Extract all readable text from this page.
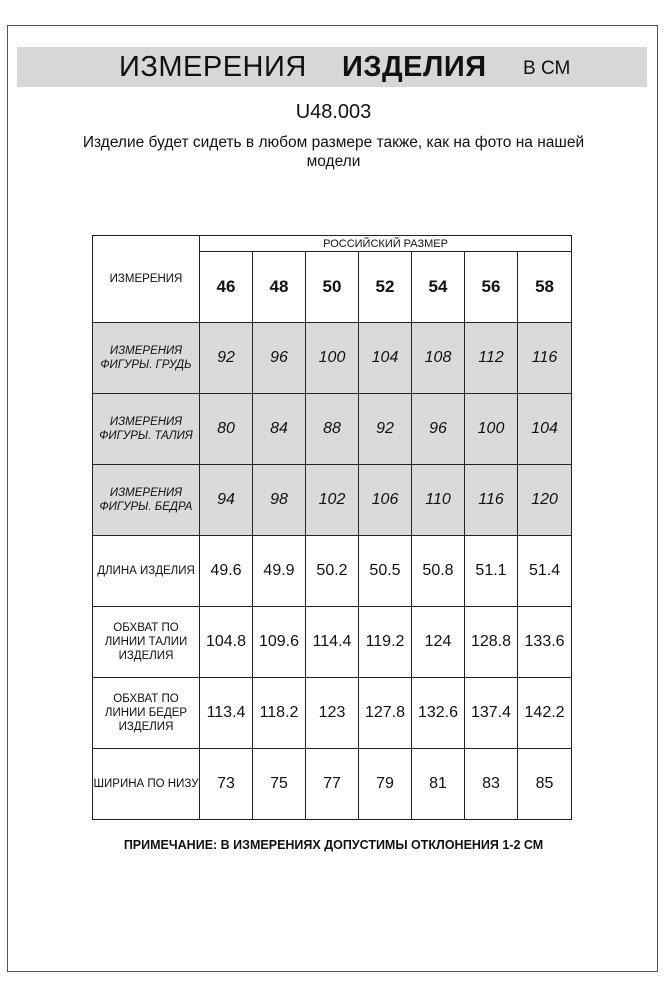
ИЗМЕРЕНИЯ ИЗДЕЛИЯ В СМ
U48.003
Изделие будет сидеть в любом размере также, как на фото на нашей модели
ИЗМЕРЕНИЯ	РОССИЙСКИЙ РАЗМЕР						
	46	48	50	52	54	56	58
ИЗМЕРЕНИЯ ФИГУРЫ. ГРУДЬ	92	96	100	104	108	112	116
ИЗМЕРЕНИЯ ФИГУРЫ. ТАЛИЯ	80	84	88	92	96	100	104
ИЗМЕРЕНИЯ ФИГУРЫ. БЕДРА	94	98	102	106	110	116	120
ДЛИНА ИЗДЕЛИЯ	49.6	49.9	50.2	50.5	50.8	51.1	51.4
ОБХВАТ ПО ЛИНИИ ТАЛИИ ИЗДЕЛИЯ	104.8	109.6	114.4	119.2	124	128.8	133.6
ОБХВАТ ПО ЛИНИИ БЕДЕР ИЗДЕЛИЯ	113.4	118.2	123	127.8	132.6	137.4	142.2
ШИРИНА ПО НИЗУ	73	75	77	79	81	83	85
ПРИМЕЧАНИЕ: В ИЗМЕРЕНИЯХ ДОПУСТИМЫ ОТКЛОНЕНИЯ 1-2 СМ
